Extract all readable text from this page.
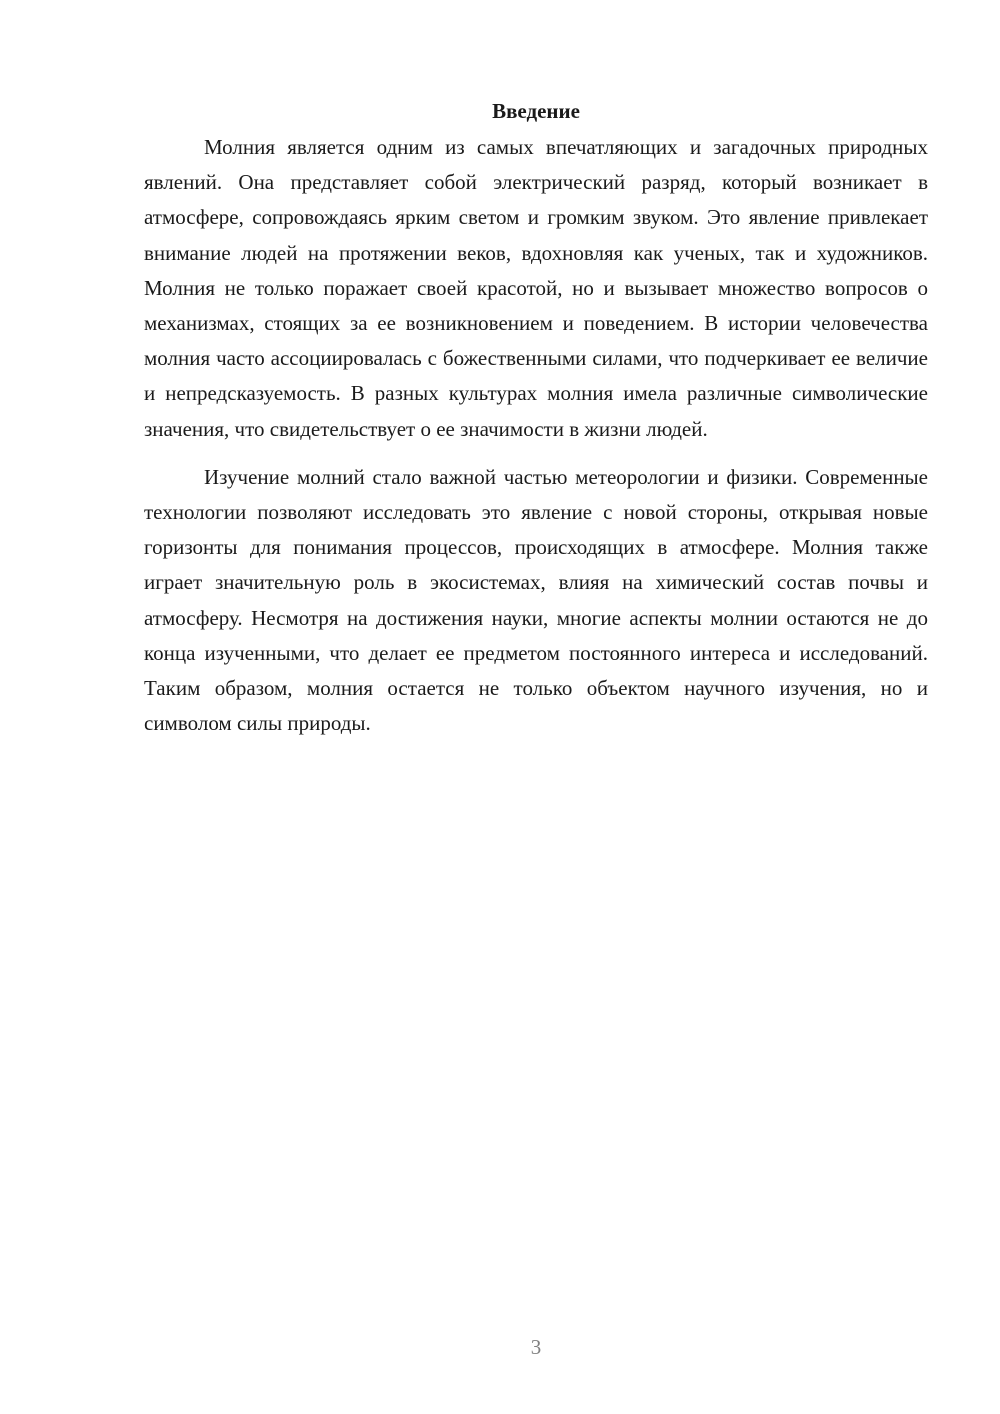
Введение

Молния является одним из самых впечатляющих и загадочных природных явлений. Она представляет собой электрический разряд, который возникает в атмосфере, сопровождаясь ярким светом и громким звуком. Это явление привлекает внимание людей на протяжении веков, вдохновляя как ученых, так и художников. Молния не только поражает своей красотой, но и вызывает множество вопросов о механизмах, стоящих за ее возникновением и поведением. В истории человечества молния часто ассоциировалась с божественными силами, что подчеркивает ее величие и непредсказуемость. В разных культурах молния имела различные символические значения, что свидетельствует о ее значимости в жизни людей.

Изучение молний стало важной частью метеорологии и физики. Современные технологии позволяют исследовать это явление с новой стороны, открывая новые горизонты для понимания процессов, происходящих в атмосфере. Молния также играет значительную роль в экосистемах, влияя на химический состав почвы и атмосферу. Несмотря на достижения науки, многие аспекты молнии остаются не до конца изученными, что делает ее предметом постоянного интереса и исследований. Таким образом, молния остается не только объектом научного изучения, но и символом силы природы.

3
